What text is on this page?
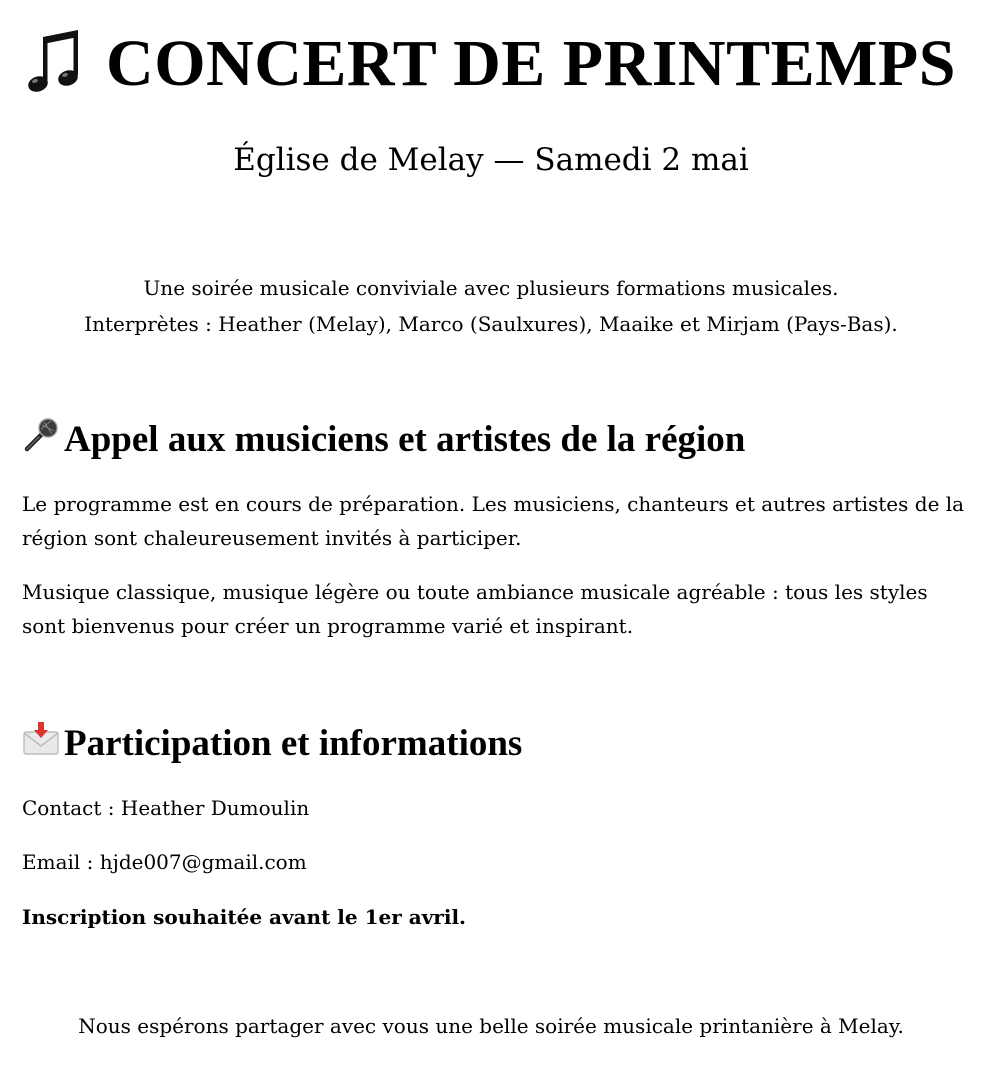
CONCERT DE PRINTEMPS
Église de Melay — Samedi 2 mai
Une soirée musicale conviviale avec plusieurs formations musicales.
Interprètes : Heather (Melay), Marco (Saulxures), Maaike et Mirjam (Pays-Bas).
Appel aux musiciens et artistes de la région
Le programme est en cours de préparation. Les musiciens, chanteurs et autres artistes de la région sont chaleureusement invités à participer.
Musique classique, musique légère ou toute ambiance musicale agréable : tous les styles sont bienvenus pour créer un programme varié et inspirant.
Participation et informations
Contact : Heather Dumoulin
Email : hjde007@gmail.com
Inscription souhaitée avant le 1er avril.
Nous espérons partager avec vous une belle soirée musicale printanière à Melay.
